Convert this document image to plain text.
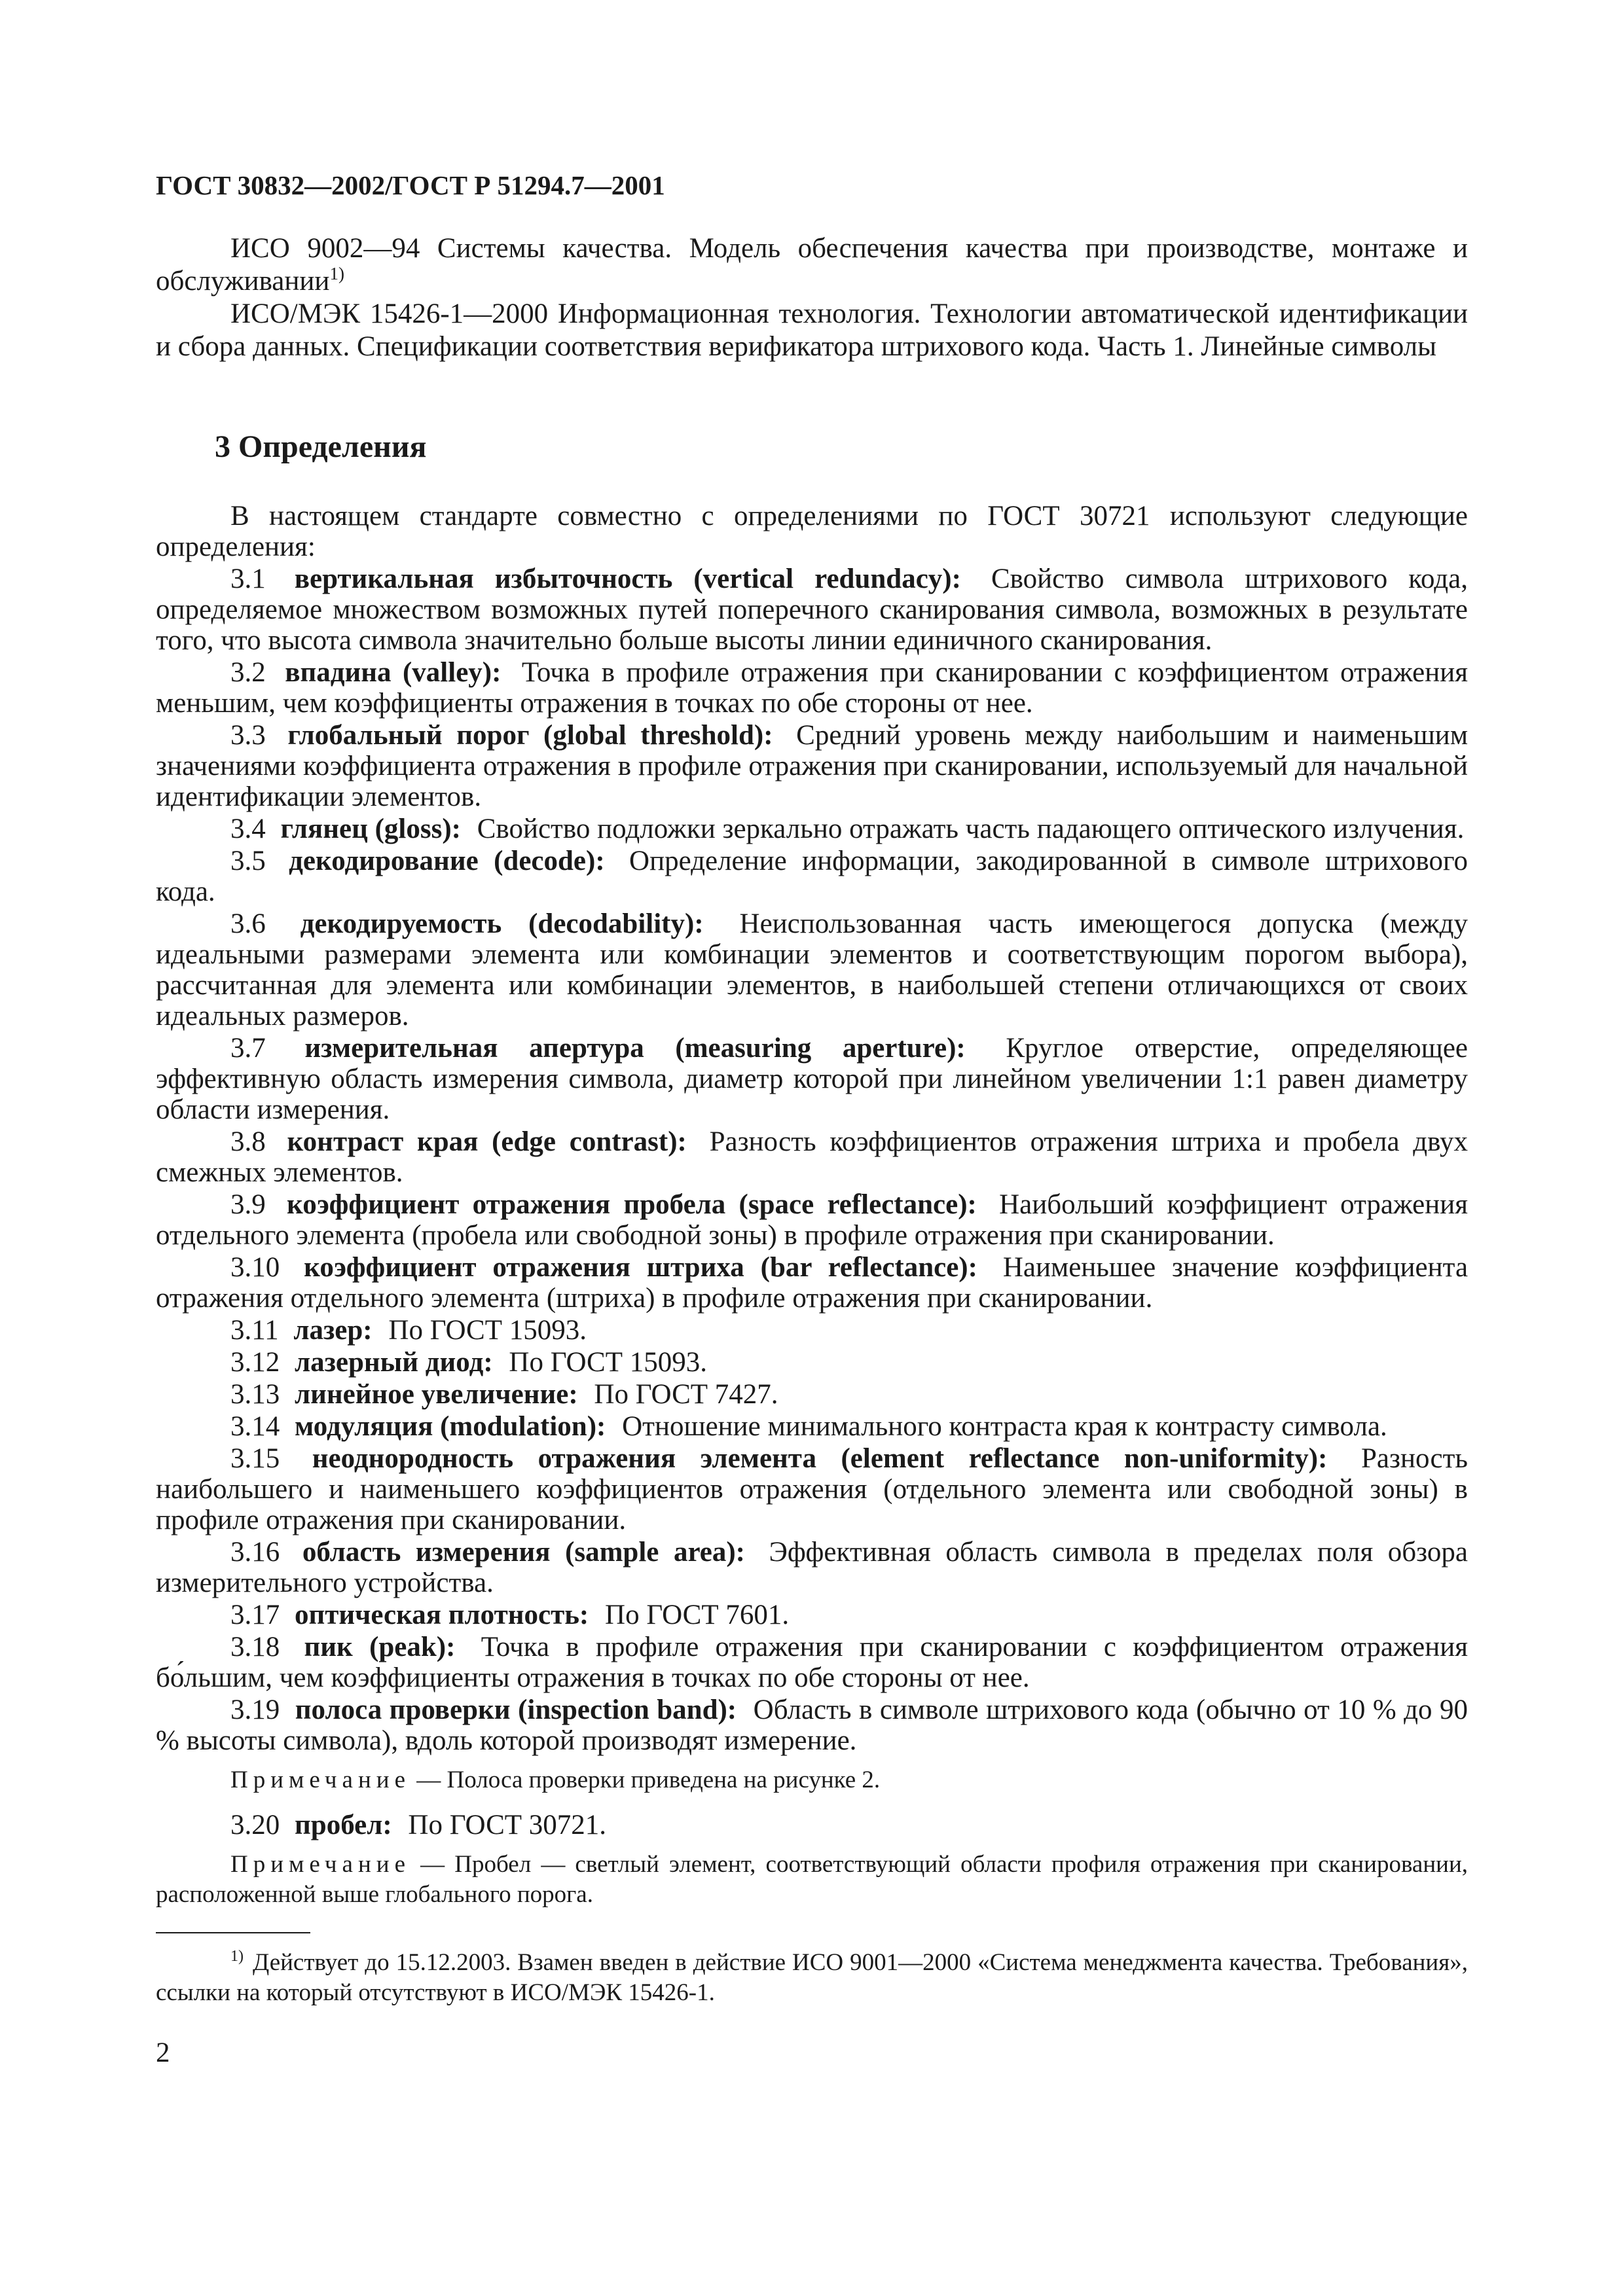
ГОСТ 30832—2002/ГОСТ Р 51294.7—2001

ИСО 9002—94 Системы качества. Модель обеспечения качества при производстве, монтаже и обслуживании$^{1)}$

ИСО/МЭК 15426-1—2000 Информационная технология. Технологии автоматической идентификации и сбора данных. Спецификации соответствия верификатора штрихового кода. Часть 1. Линейные символы

3 Определения

В настоящем стандарте совместно с определениями по ГОСТ 30721 используют следующие определения:

3.1 вертикальная избыточность (vertical redundacy): Свойство символа штрихового кода, определяемое множеством возможных путей поперечного сканирования символа, возможных в результате того, что высота символа значительно больше высоты линии единичного сканирования.

3.2 впадина (valley): Точка в профиле отражения при сканировании с коэффициентом отражения меньшим, чем коэффициенты отражения в точках по обе стороны от нее.

3.3 глобальный порог (global threshold): Средний уровень между наибольшим и наименьшим значениями коэффициента отражения в профиле отражения при сканировании, используемый для начальной идентификации элементов.

3.4 глянец (gloss): Свойство подложки зеркально отражать часть падающего оптического излучения.

3.5 декодирование (decode): Определение информации, закодированной в символе штрихового кода.

3.6 декодируемость (decodability): Неиспользованная часть имеющегося допуска (между идеальными размерами элемента или комбинации элементов и соответствующим порогом выбора), рассчитанная для элемента или комбинации элементов, в наибольшей степени отличающихся от своих идеальных размеров.

3.7 измерительная апертура (measuring aperture): Круглое отверстие, определяющее эффективную область измерения символа, диаметр которой при линейном увеличении 1:1 равен диаметру области измерения.

3.8 контраст края (edge contrast): Разность коэффициентов отражения штриха и пробела двух смежных элементов.

3.9 коэффициент отражения пробела (space reflectance): Наибольший коэффициент отражения отдельного элемента (пробела или свободной зоны) в профиле отражения при сканировании.

3.10 коэффициент отражения штриха (bar reflectance): Наименьшее значение коэффициента отражения отдельного элемента (штриха) в профиле отражения при сканировании.

3.11 лазер: По ГОСТ 15093.

3.12 лазерный диод: По ГОСТ 15093.

3.13 линейное увеличение: По ГОСТ 7427.

3.14 модуляция (modulation): Отношение минимального контраста края к контрасту символа.

3.15 неоднородность отражения элемента (element reflectance non-uniformity): Разность наибольшего и наименьшего коэффициентов отражения (отдельного элемента или свободной зоны) в профиле отражения при сканировании.

3.16 область измерения (sample area): Эффективная область символа в пределах поля обзора измерительного устройства.

3.17 оптическая плотность: По ГОСТ 7601.

3.18 пик (peak): Точка в профиле отражения при сканировании с коэффициентом отражения бо́льшим, чем коэффициенты отражения в точках по обе стороны от нее.

3.19 полоса проверки (inspection band): Область в символе штрихового кода (обычно от 10 % до 90 % высоты символа), вдоль которой производят измерение.

Примечание — Полоса проверки приведена на рисунке 2.

3.20 пробел: По ГОСТ 30721.

Примечание — Пробел — светлый элемент, соответствующий области профиля отражения при сканировании, расположенной выше глобального порога.

$^{1)}$ Действует до 15.12.2003. Взамен введен в действие ИСО 9001—2000 «Система менеджмента качества. Требования», ссылки на который отсутствуют в ИСО/МЭК 15426-1.

2
